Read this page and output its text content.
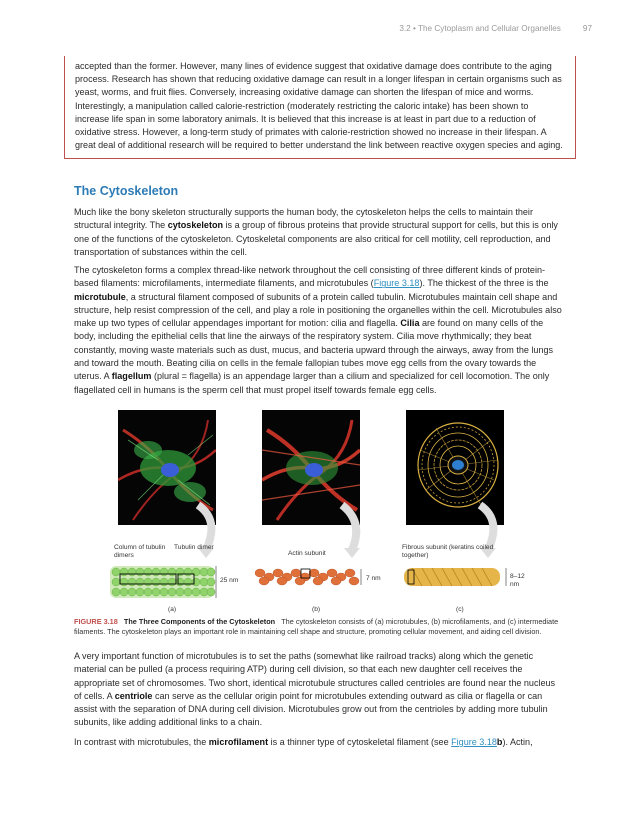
3.2 • The Cytoplasm and Cellular Organelles	97
accepted than the former. However, many lines of evidence suggest that oxidative damage does contribute to the aging process. Research has shown that reducing oxidative damage can result in a longer lifespan in certain organisms such as yeast, worms, and fruit flies. Conversely, increasing oxidative damage can shorten the lifespan of mice and worms. Interestingly, a manipulation called calorie-restriction (moderately restricting the caloric intake) has been shown to increase life span in some laboratory animals. It is believed that this increase is at least in part due to a reduction of oxidative stress. However, a long-term study of primates with calorie-restriction showed no increase in their lifespan. A great deal of additional research will be required to better understand the link between reactive oxygen species and aging.
The Cytoskeleton

Much like the bony skeleton structurally supports the human body, the cytoskeleton helps the cells to maintain their structural integrity. The cytoskeleton is a group of fibrous proteins that provide structural support for cells, but this is only one of the functions of the cytoskeleton. Cytoskeletal components are also critical for cell motility, cell reproduction, and transportation of substances within the cell.

The cytoskeleton forms a complex thread-like network throughout the cell consisting of three different kinds of protein-based filaments: microfilaments, intermediate filaments, and microtubules (Figure 3.18). The thickest of the three is the microtubule, a structural filament composed of subunits of a protein called tubulin. Microtubules maintain cell shape and structure, help resist compression of the cell, and play a role in positioning the organelles within the cell. Microtubules also make up two types of cellular appendages important for motion: cilia and flagella. Cilia are found on many cells of the body, including the epithelial cells that line the airways of the respiratory system. Cilia move rhythmically; they beat constantly, moving waste materials such as dust, mucus, and bacteria upward through the airways, away from the lungs and toward the mouth. Beating cilia on cells in the female fallopian tubes move egg cells from the ovary towards the uterus. A flagellum (plural = flagella) is an appendage larger than a cilium and specialized for cell locomotion. The only flagellated cell in humans is the sperm cell that must propel itself towards female egg cells.

Column of tubulin dimers
Tubulin dimer
25 nm
(a)
Actin subunit
7 nm
(b)
Fibrous subunit (keratins coiled together)
8–12 nm
(c)
FIGURE 3.18 The Three Components of the Cytoskeleton The cytoskeleton consists of (a) microtubules, (b) microfilaments, and (c) intermediate filaments. The cytoskeleton plays an important role in maintaining cell shape and structure, promoting cellular movement, and aiding cell division.

A very important function of microtubules is to set the paths (somewhat like railroad tracks) along which the genetic material can be pulled (a process requiring ATP) during cell division, so that each new daughter cell receives the appropriate set of chromosomes. Two short, identical microtubule structures called centrioles are found near the nucleus of cells. A centriole can serve as the cellular origin point for microtubules extending outward as cilia or flagella or can assist with the separation of DNA during cell division. Microtubules grow out from the centrioles by adding more tubulin subunits, like adding additional links to a chain.

In contrast with microtubules, the microfilament is a thinner type of cytoskeletal filament (see Figure 3.18b). Actin,
